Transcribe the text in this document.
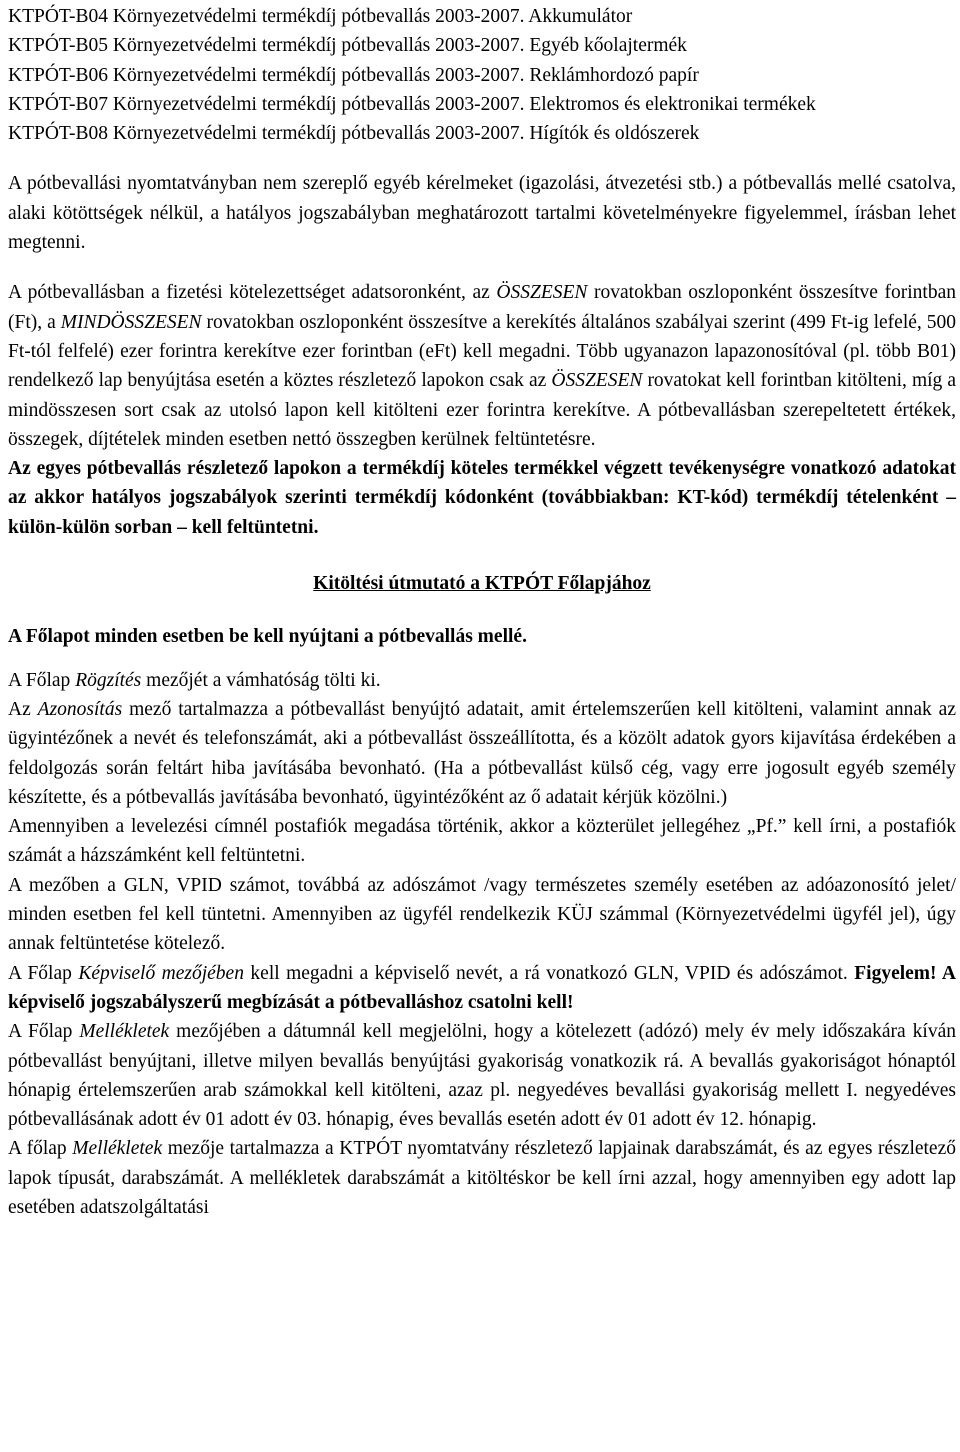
KTPÓT-B04 Környezetvédelmi termékdíj pótbevallás 2003-2007. Akkumulátor

KTPÓT-B05 Környezetvédelmi termékdíj pótbevallás 2003-2007. Egyéb kőolajtermék

KTPÓT-B06 Környezetvédelmi termékdíj pótbevallás 2003-2007. Reklámhordozó papír

KTPÓT-B07 Környezetvédelmi termékdíj pótbevallás 2003-2007. Elektromos és elektronikai termékek

KTPÓT-B08 Környezetvédelmi termékdíj pótbevallás 2003-2007. Hígítók és oldószerek

A pótbevallási nyomtatványban nem szereplő egyéb kérelmeket (igazolási, átvezetési stb.) a pótbevallás mellé csatolva, alaki kötöttségek nélkül, a hatályos jogszabályban meghatározott tartalmi követelményekre figyelemmel, írásban lehet megtenni.

A pótbevallásban a fizetési kötelezettséget adatsoronként, az ÖSSZESEN rovatokban oszloponként összesítve forintban (Ft), a MINDÖSSZESEN rovatokban oszloponként összesítve a kerekítés általános szabályai szerint (499 Ft-ig lefelé, 500 Ft-tól felfelé) ezer forintra kerekítve ezer forintban (eFt) kell megadni. Több ugyanazon lapazonosítóval (pl. több B01) rendelkező lap benyújtása esetén a köztes részletező lapokon csak az ÖSSZESEN rovatokat kell forintban kitölteni, míg a mindösszesen sort csak az utolsó lapon kell kitölteni ezer forintra kerekítve. A pótbevallásban szerepeltetett értékek, összegek, díjtételek minden esetben nettó összegben kerülnek feltüntetésre.

Az egyes pótbevallás részletező lapokon a termékdíj köteles termékkel végzett tevékenységre vonatkozó adatokat az akkor hatályos jogszabályok szerinti termékdíj kódonként (továbbiakban: KT-kód) termékdíj tételenként – külön-külön sorban – kell feltüntetni.

Kitöltési útmutató a KTPÓT Főlapjához

A Főlapot minden esetben be kell nyújtani a pótbevallás mellé.

A Főlap Rögzítés mezőjét a vámhatóság tölti ki.

Az Azonosítás mező tartalmazza a pótbevallást benyújtó adatait, amit értelemszerűen kell kitölteni, valamint annak az ügyintézőnek a nevét és telefonszámát, aki a pótbevallást összeállította, és a közölt adatok gyors kijavítása érdekében a feldolgozás során feltárt hiba javításába bevonható. (Ha a pótbevallást külső cég, vagy erre jogosult egyéb személy készítette, és a pótbevallás javításába bevonható, ügyintézőként az ő adatait kérjük közölni.)

Amennyiben a levelezési címnél postafiók megadása történik, akkor a közterület jellegéhez „Pf.” kell írni, a postafiók számát a házszámként kell feltüntetni.

A mezőben a GLN, VPID számot, továbbá az adószámot /vagy természetes személy esetében az adóazonosító jelet/ minden esetben fel kell tüntetni. Amennyiben az ügyfél rendelkezik KÜJ számmal (Környezetvédelmi ügyfél jel), úgy annak feltüntetése kötelező.

A Főlap Képviselő mezőjében kell megadni a képviselő nevét, a rá vonatkozó GLN, VPID és adószámot. Figyelem! A képviselő jogszabályszerű megbízását a pótbevalláshoz csatolni kell!

A Főlap Mellékletek mezőjében a dátumnál kell megjelölni, hogy a kötelezett (adózó) mely év mely időszakára kíván pótbevallást benyújtani, illetve milyen bevallás benyújtási gyakoriság vonatkozik rá. A bevallás gyakoriságot hónaptól hónapig értelemszerűen arab számokkal kell kitölteni, azaz pl. negyedéves bevallási gyakoriság mellett I. negyedéves pótbevallásának adott év 01 adott év 03. hónapig, éves bevallás esetén adott év 01 adott év 12. hónapig.

A főlap Mellékletek mezője tartalmazza a KTPÓT nyomtatvány részletező lapjainak darabszámát, és az egyes részletező lapok típusát, darabszámát. A mellékletek darabszámát a kitöltéskor be kell írni azzal, hogy amennyiben egy adott lap esetében adatszolgáltatási
